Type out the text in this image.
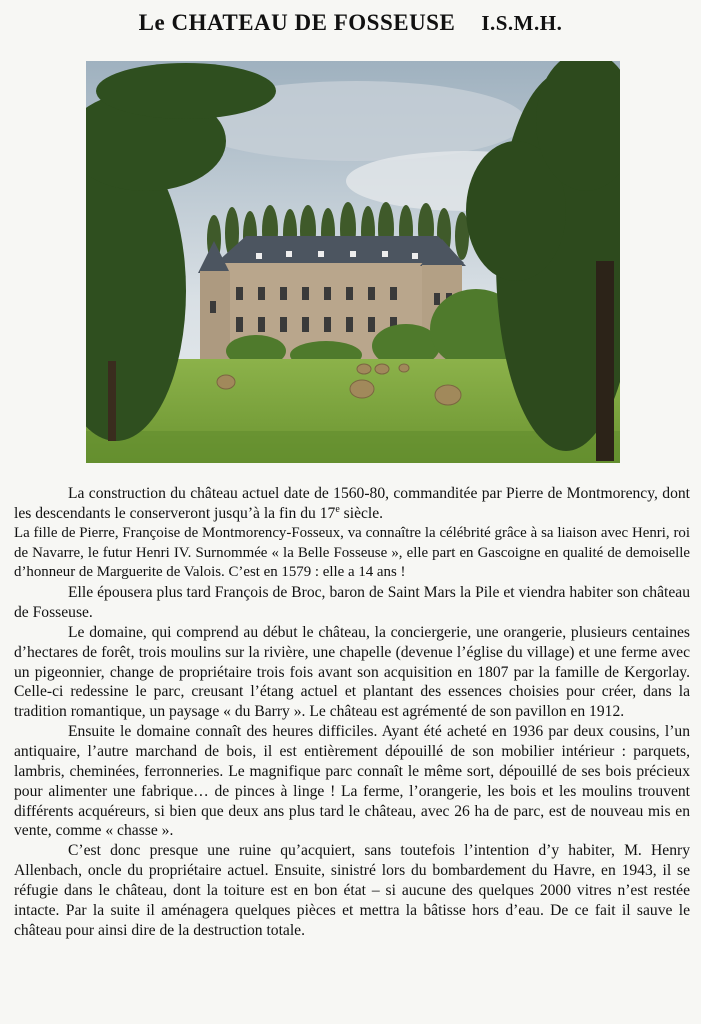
Le CHATEAU DE FOSSEUSE I.S.M.H.

La construction du château actuel date de 1560-80, commanditée par Pierre de Montmorency, dont les descendants le conserveront jusqu’à la fin du 17e siècle.

La fille de Pierre, Françoise de Montmorency-Fosseux, va connaître la célébrité grâce à sa liaison avec Henri, roi de Navarre, le futur Henri IV. Surnommée « la Belle Fosseuse », elle part en Gascoigne en qualité de demoiselle d’honneur de Marguerite de Valois. C’est en 1579 : elle a 14 ans !

Elle épousera plus tard François de Broc, baron de Saint Mars la Pile et viendra habiter son château de Fosseuse.

Le domaine, qui comprend au début le château, la conciergerie, une orangerie, plusieurs centaines d’hectares de forêt, trois moulins sur la rivière, une chapelle (devenue l’église du village) et une ferme avec un pigeonnier, change de propriétaire trois fois avant son acquisition en 1807 par la famille de Kergorlay. Celle-ci redessine le parc, creusant l’étang actuel et plantant des essences choisies pour créer, dans la tradition romantique, un paysage « du Barry ». Le château est agrémenté de son pavillon en 1912.

Ensuite le domaine connaît des heures difficiles. Ayant été acheté en 1936 par deux cousins, l’un antiquaire, l’autre marchand de bois, il est entièrement dépouillé de son mobilier intérieur : parquets, lambris, cheminées, ferronneries. Le magnifique parc connaît le même sort, dépouillé de ses bois précieux pour alimenter une fabrique… de pinces à linge ! La ferme, l’orangerie, les bois et les moulins trouvent différents acquéreurs, si bien que deux ans plus tard le château, avec 26 ha de parc, est de nouveau mis en vente, comme « chasse ».

C’est donc presque une ruine qu’acquiert, sans toutefois l’intention d’y habiter, M. Henry Allenbach, oncle du propriétaire actuel. Ensuite, sinistré lors du bombardement du Havre, en 1943, il se réfugie dans le château, dont la toiture est en bon état – si aucune des quelques 2000 vitres n’est restée intacte. Par la suite il aménagera quelques pièces et mettra la bâtisse hors d’eau. De ce fait il sauve le château pour ainsi dire de la destruction totale.
